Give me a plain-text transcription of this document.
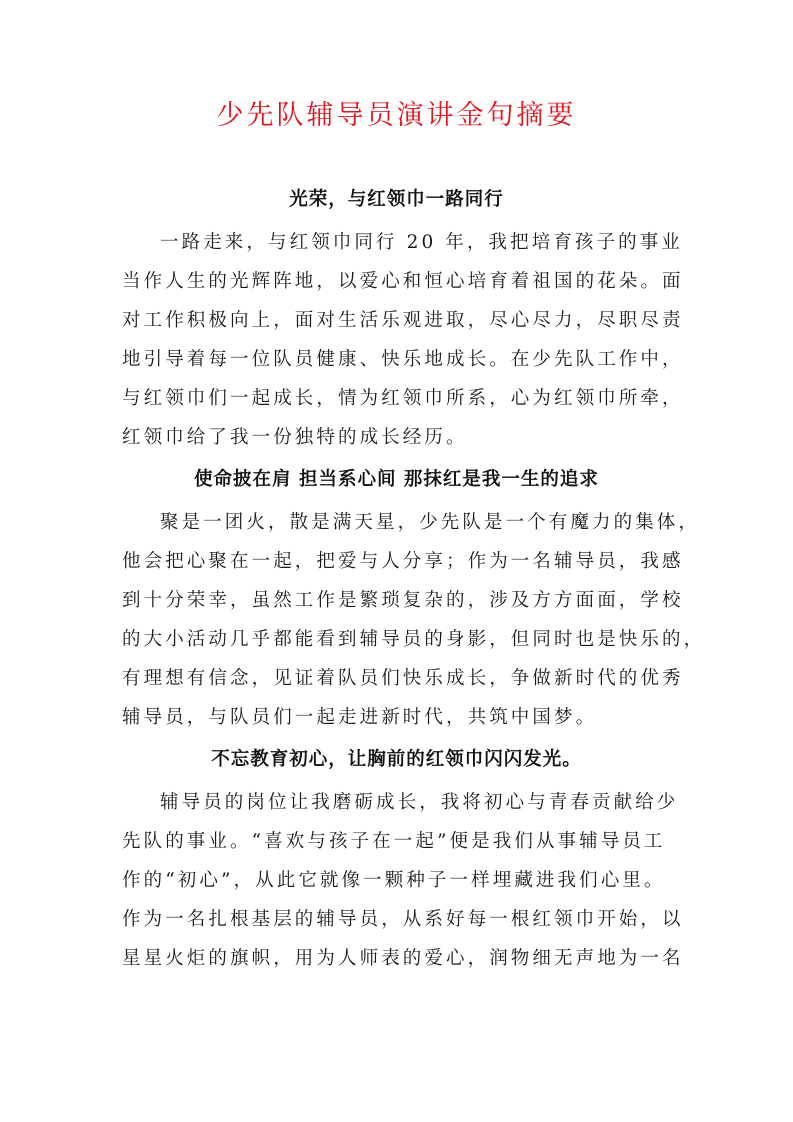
少先队辅导员演讲金句摘要
光荣，与红领巾一路同行
一路走来，与红领巾同行 20 年，我把培育孩子的事业
当作人生的光辉阵地，以爱心和恒心培育着祖国的花朵。面
对工作积极向上，面对生活乐观进取，尽心尽力，尽职尽责
地引导着每一位队员健康、快乐地成长。在少先队工作中，
与红领巾们一起成长，情为红领巾所系，心为红领巾所牵，
红领巾给了我一份独特的成长经历。
使命披在肩 担当系心间 那抹红是我一生的追求
聚是一团火，散是满天星，少先队是一个有魔力的集体，
他会把心聚在一起，把爱与人分享；作为一名辅导员，我感
到十分荣幸，虽然工作是繁琐复杂的，涉及方方面面，学校
的大小活动几乎都能看到辅导员的身影，但同时也是快乐的，
有理想有信念，见证着队员们快乐成长，争做新时代的优秀
辅导员，与队员们一起走进新时代，共筑中国梦。
不忘教育初心，让胸前的红领巾闪闪发光。
辅导员的岗位让我磨砺成长，我将初心与青春贡献给少
先队的事业。“喜欢与孩子在一起”便是我们从事辅导员工
作的“初心”，从此它就像一颗种子一样埋藏进我们心里。
作为一名扎根基层的辅导员，从系好每一根红领巾开始，以
星星火炬的旗帜，用为人师表的爱心，润物细无声地为一名
